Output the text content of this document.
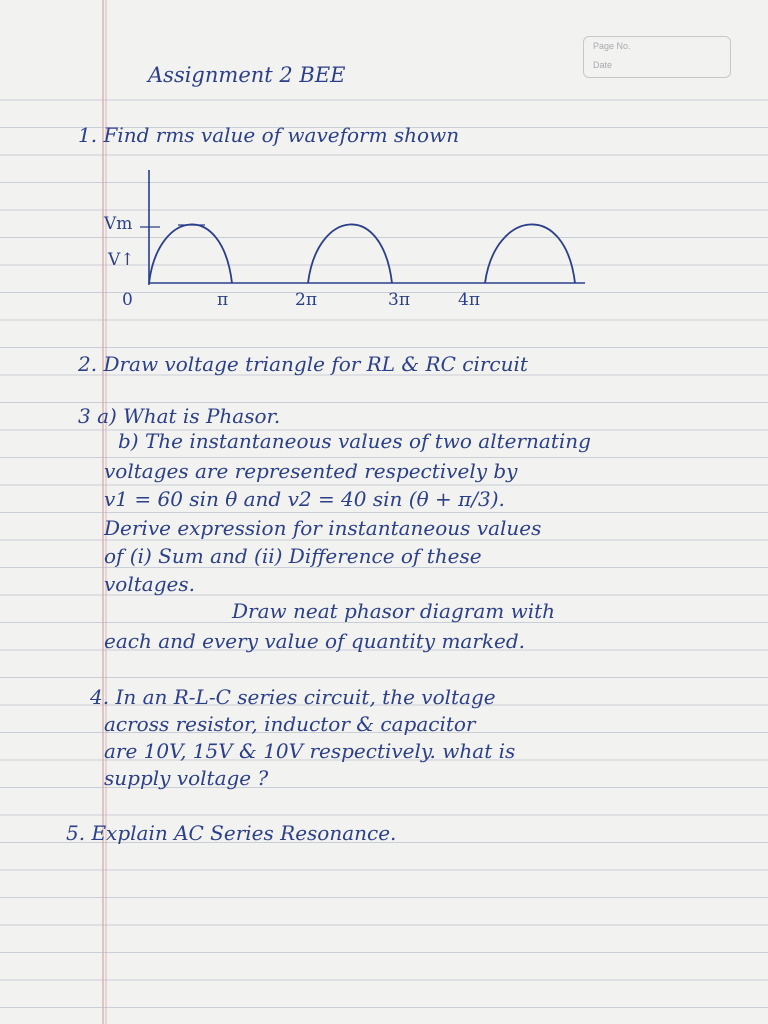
Page No.
Date
Assignment 2 BEE
1. Find rms value of waveform shown
Vm
V↑
0	π	2π	3π	4π
2. Draw voltage triangle for RL & RC circuit
3 a) What is Phasor.
b) The instantaneous values of two alternating
voltages are represented respectively by
v1 = 60 sin θ and v2 = 40 sin (θ + π/3).
Derive expression for instantaneous values
of (i) Sum and (ii) Difference of these
voltages.
Draw neat phasor diagram with
each and every value of quantity marked.
4. In an R-L-C series circuit, the voltage
across resistor, inductor & capacitor
are 10V, 15V & 10V respectively. what is
supply voltage ?
5. Explain AC Series Resonance.
